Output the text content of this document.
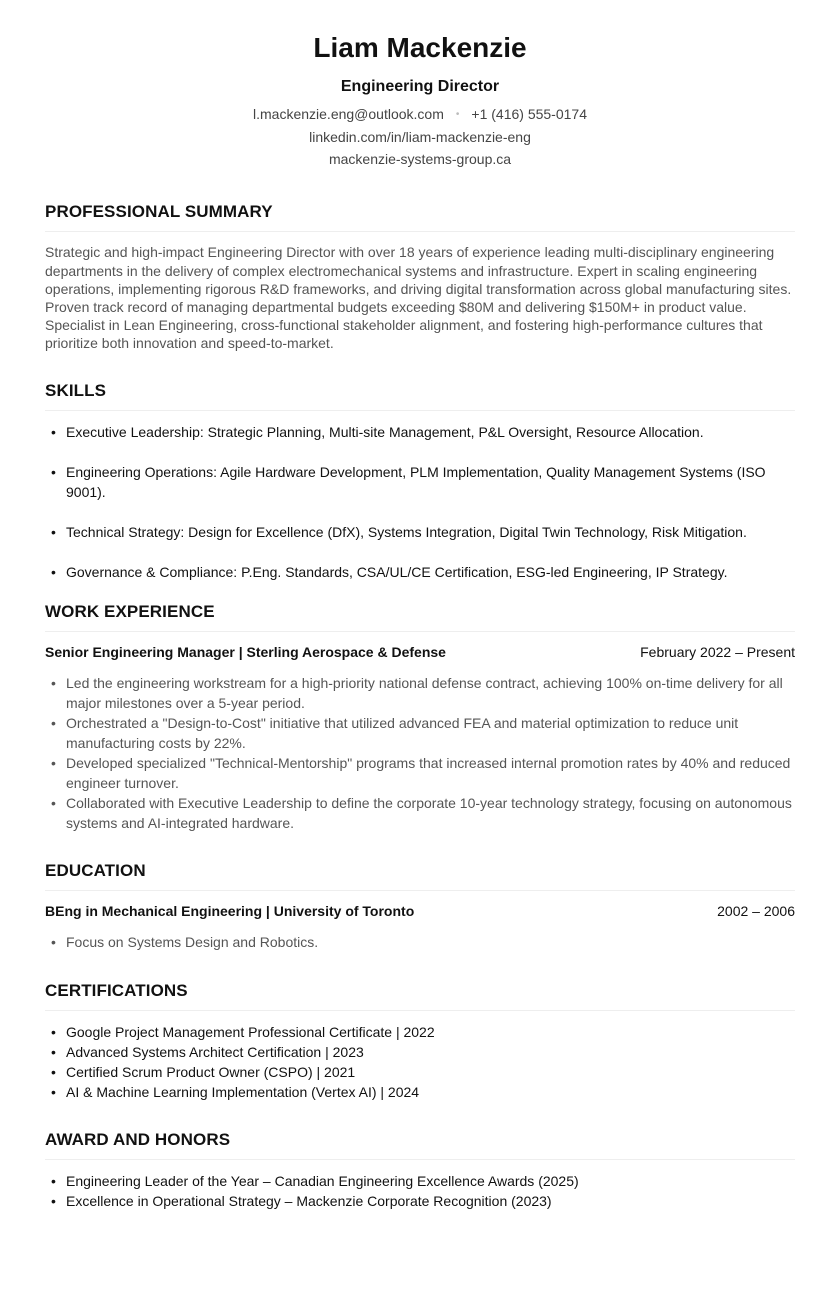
Liam Mackenzie
Engineering Director
l.mackenzie.eng@outlook.com • +1 (416) 555-0174
linkedin.com/in/liam-mackenzie-eng
mackenzie-systems-group.ca
PROFESSIONAL SUMMARY
Strategic and high-impact Engineering Director with over 18 years of experience leading multi-disciplinary engineering departments in the delivery of complex electromechanical systems and infrastructure. Expert in scaling engineering operations, implementing rigorous R&D frameworks, and driving digital transformation across global manufacturing sites. Proven track record of managing departmental budgets exceeding $80M and delivering $150M+ in product value. Specialist in Lean Engineering, cross-functional stakeholder alignment, and fostering high-performance cultures that prioritize both innovation and speed-to-market.
SKILLS
• Executive Leadership: Strategic Planning, Multi-site Management, P&L Oversight, Resource Allocation.
• Engineering Operations: Agile Hardware Development, PLM Implementation, Quality Management Systems (ISO 9001).
• Technical Strategy: Design for Excellence (DfX), Systems Integration, Digital Twin Technology, Risk Mitigation.
• Governance & Compliance: P.Eng. Standards, CSA/UL/CE Certification, ESG-led Engineering, IP Strategy.
WORK EXPERIENCE
Senior Engineering Manager | Sterling Aerospace & Defense	February 2022 – Present
• Led the engineering workstream for a high-priority national defense contract, achieving 100% on-time delivery for all major milestones over a 5-year period.
• Orchestrated a "Design-to-Cost" initiative that utilized advanced FEA and material optimization to reduce unit manufacturing costs by 22%.
• Developed specialized "Technical-Mentorship" programs that increased internal promotion rates by 40% and reduced engineer turnover.
• Collaborated with Executive Leadership to define the corporate 10-year technology strategy, focusing on autonomous systems and AI-integrated hardware.
EDUCATION
BEng in Mechanical Engineering | University of Toronto	2002 – 2006
• Focus on Systems Design and Robotics.
CERTIFICATIONS
• Google Project Management Professional Certificate | 2022
• Advanced Systems Architect Certification | 2023
• Certified Scrum Product Owner (CSPO) | 2021
• AI & Machine Learning Implementation (Vertex AI) | 2024
AWARD AND HONORS
• Engineering Leader of the Year – Canadian Engineering Excellence Awards (2025)
• Excellence in Operational Strategy – Mackenzie Corporate Recognition (2023)
